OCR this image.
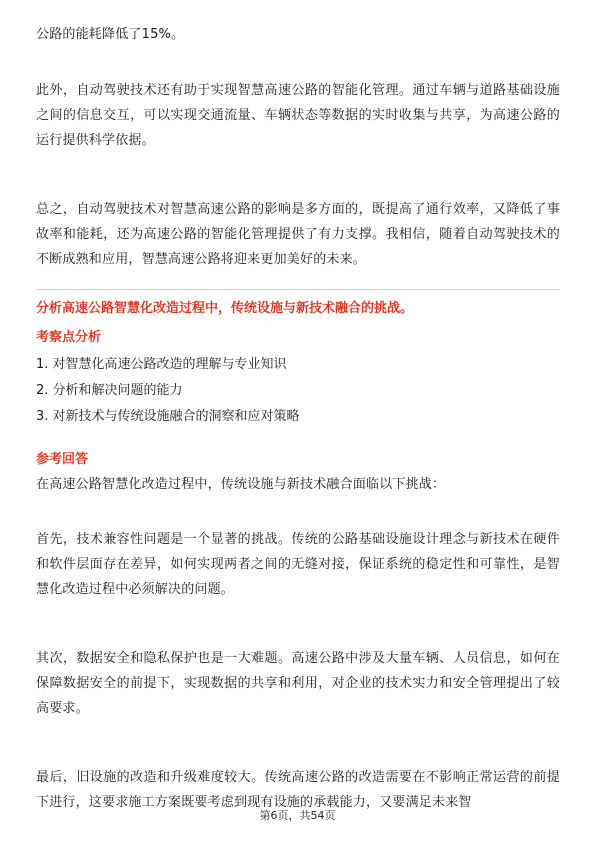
公路的能耗降低了15%。

此外，自动驾驶技术还有助于实现智慧高速公路的智能化管理。通过车辆与道路基础设施之间的信息交互，可以实现交通流量、车辆状态等数据的实时收集与共享，为高速公路的运行提供科学依据。

总之，自动驾驶技术对智慧高速公路的影响是多方面的，既提高了通行效率，又降低了事故率和能耗，还为高速公路的智能化管理提供了有力支撑。我相信，随着自动驾驶技术的不断成熟和应用，智慧高速公路将迎来更加美好的未来。

分析高速公路智慧化改造过程中，传统设施与新技术融合的挑战。

考察点分析

1. 对智慧化高速公路改造的理解与专业知识

2. 分析和解决问题的能力

3. 对新技术与传统设施融合的洞察和应对策略

参考回答

在高速公路智慧化改造过程中，传统设施与新技术融合面临以下挑战：

首先，技术兼容性问题是一个显著的挑战。传统的公路基础设施设计理念与新技术在硬件和软件层面存在差异，如何实现两者之间的无缝对接，保证系统的稳定性和可靠性，是智慧化改造过程中必须解决的问题。

其次，数据安全和隐私保护也是一大难题。高速公路中涉及大量车辆、人员信息，如何在保障数据安全的前提下，实现数据的共享和利用，对企业的技术实力和安全管理提出了较高要求。

最后，旧设施的改造和升级难度较大。传统高速公路的改造需要在不影响正常运营的前提下进行，这要求施工方案既要考虑到现有设施的承载能力，又要满足未来智

第6页，共54页
